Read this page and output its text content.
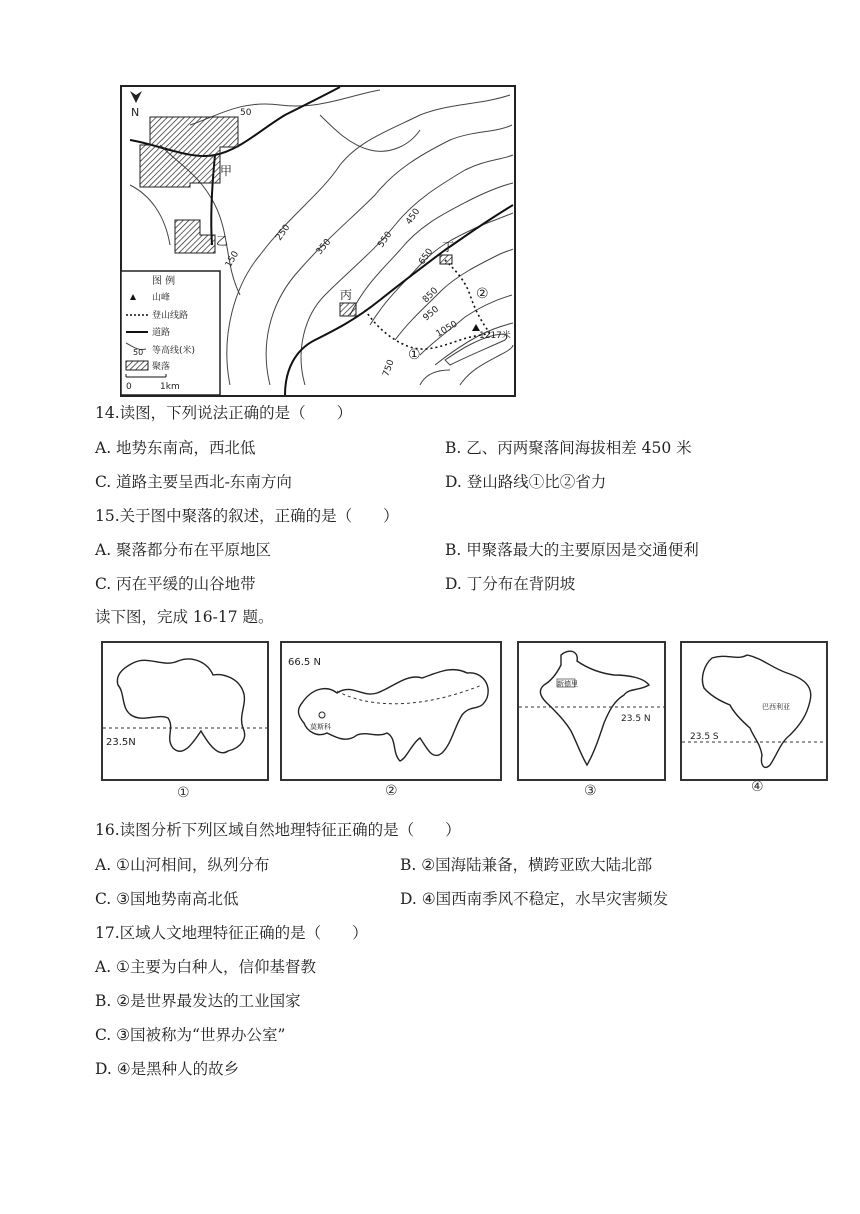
N
甲
乙
丙
丁
50
150
250
350
450
550
650
750
850
950
1050 1217米
②
①
图 例
山峰
登山线路
道路
50 等高线(米)
聚落
0	1km
14.读图，下列说法正确的是（　　）
A. 地势东南高，西北低	B. 乙、丙两聚落间海拔相差 450 米
C. 道路主要呈西北-东南方向	D. 登山路线①比②省力
15.关于图中聚落的叙述，正确的是（　　）
A. 聚落都分布在平原地区	B. 甲聚落最大的主要原因是交通便利
C. 丙在平缓的山谷地带	D. 丁分布在背阴坡
读下图，完成 16-17 题。
23.5N
①
莫斯科
66.5 N
②
新德里
23.5 N
③
巴西利亚
23.5 S
④
16.读图分析下列区域自然地理特征正确的是（　　）
A. ①山河相间，纵列分布	B. ②国海陆兼备，横跨亚欧大陆北部
C. ③国地势南高北低	D. ④国西南季风不稳定，水旱灾害频发
17.区域人文地理特征正确的是（　　）
A. ①主要为白种人，信仰基督教
B. ②是世界最发达的工业国家
C. ③国被称为“世界办公室”
D. ④是黑种人的故乡
